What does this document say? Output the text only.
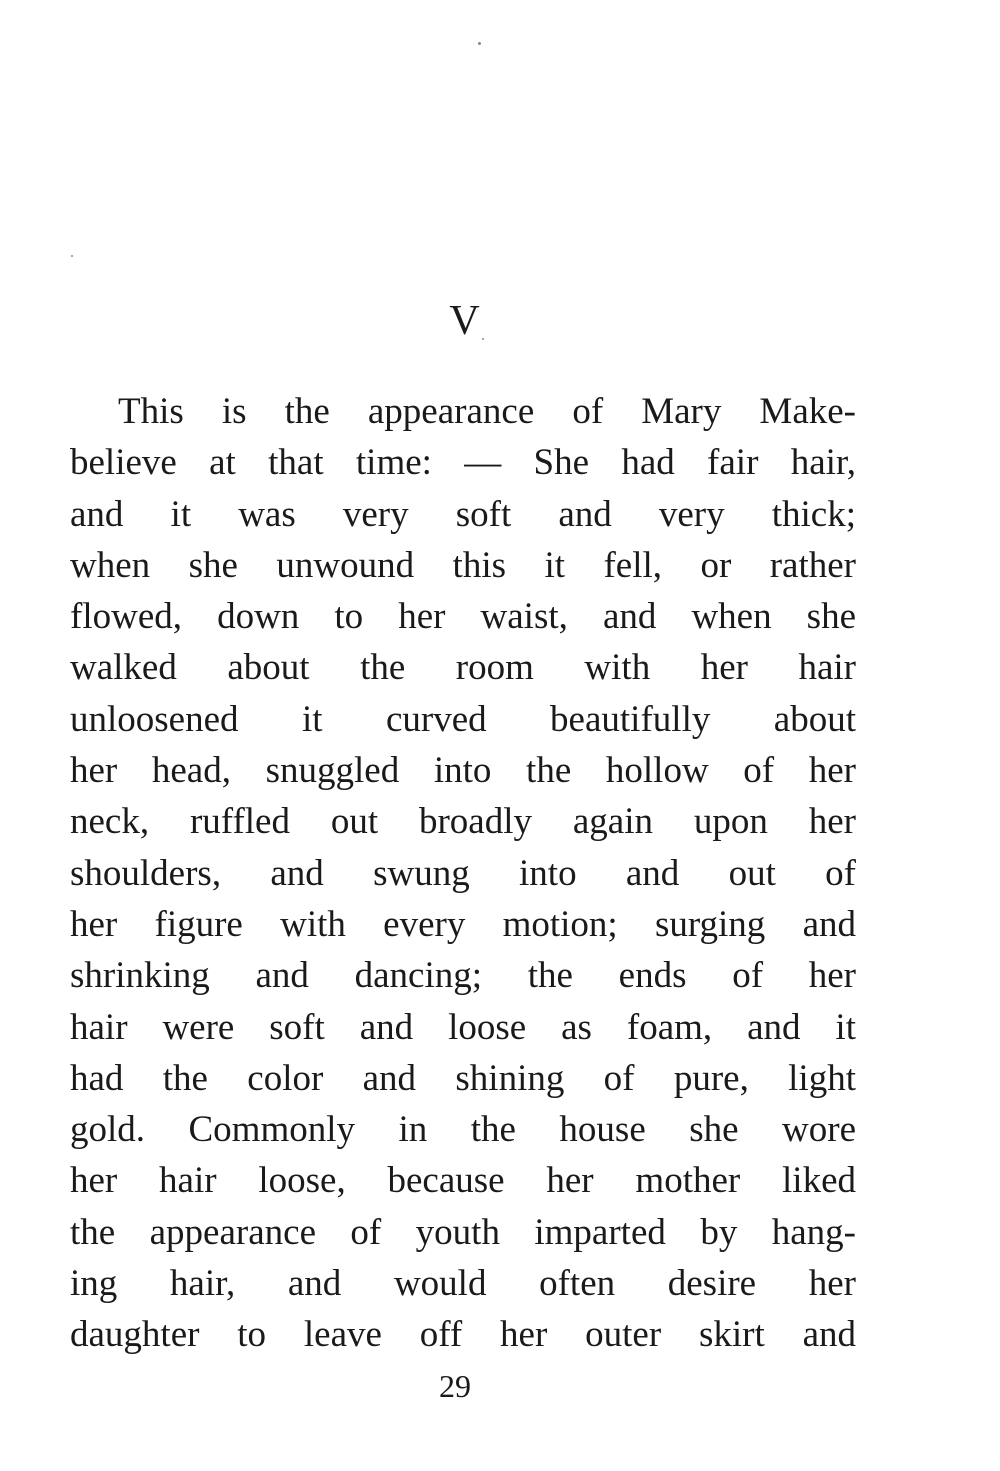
V
This is the appearance of Mary Make-
believe at that time: — She had fair hair,
and it was very soft and very thick;
when she unwound this it fell, or rather
flowed, down to her waist, and when she
walked about the room with her hair
unloosened it curved beautifully about
her head, snuggled into the hollow of her
neck, ruffled out broadly again upon her
shoulders, and swung into and out of
her figure with every motion; surging and
shrinking and dancing; the ends of her
hair were soft and loose as foam, and it
had the color and shining of pure, light
gold. Commonly in the house she wore
her hair loose, because her mother liked
the appearance of youth imparted by hang-
ing hair, and would often desire her
daughter to leave off her outer skirt and
29
